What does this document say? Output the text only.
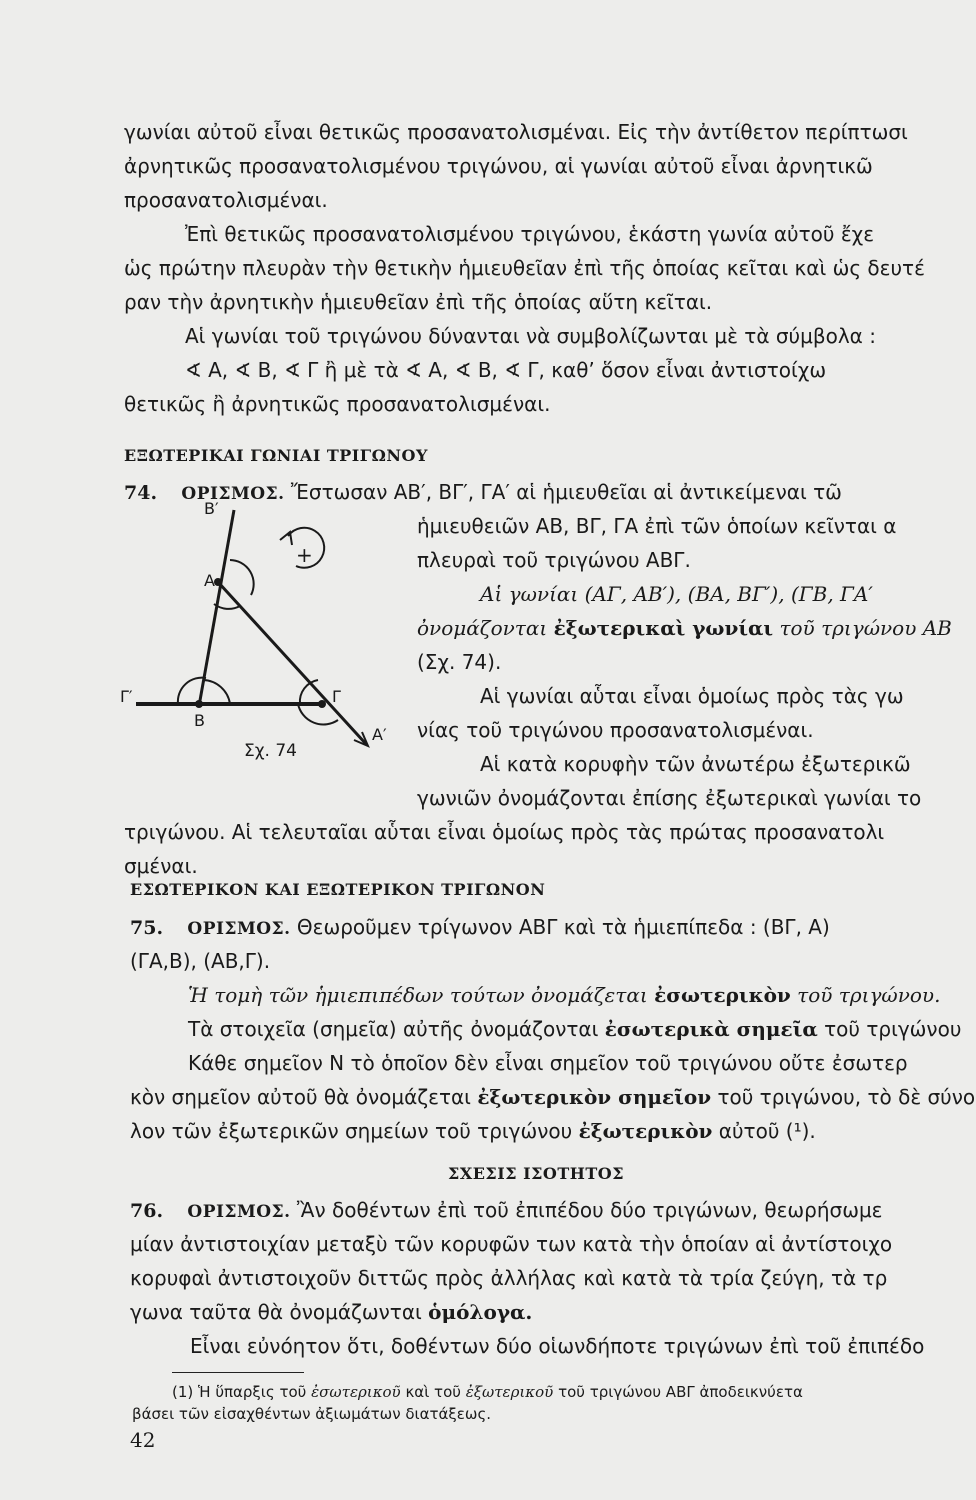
γωνίαι αὐτοῦ εἶναι θετικῶς προσανατολισμέναι. Εἰς τὴν ἀντίθετον περίπτωσι
ἀρνητικῶς προσανατολισμένου τριγώνου, αἱ γωνίαι αὐτοῦ εἶναι ἀρνητικῶ
προσανατολισμέναι.
Ἐπὶ θετικῶς προσανατολισμένου τριγώνου, ἑκάστη γωνία αὐτοῦ ἔχε
ὡς πρώτην πλευρὰν τὴν θετικὴν ἡμιευθεῖαν ἐπὶ τῆς ὁποίας κεῖται καὶ ὡς δευτέ
ραν τὴν ἀρνητικὴν ἡμιευθεῖαν ἐπὶ τῆς ὁποίας αὕτη κεῖται.
Αἱ γωνίαι τοῦ τριγώνου δύνανται νὰ συμβολίζωνται μὲ τὰ σύμβολα :
∢ Α, ∢ Β, ∢ Γ ἢ μὲ τὰ ∢ Α, ∢ Β, ∢ Γ, καθ’ ὅσον εἶναι ἀντιστοίχω
θετικῶς ἢ ἀρνητικῶς προσανατολισμέναι.
ΕΞΩΤΕΡΙΚΑΙ ΓΩΝΙΑΙ ΤΡΙΓΩΝΟΥ
74. ΟΡΙΣΜΟΣ. Ἔστωσαν ΑΒ′, ΒΓ′, ΓΑ′ αἱ ἡμιευθεῖαι αἱ ἀντικείμεναι τῶ
ἡμιευθειῶν ΑΒ, ΒΓ, ΓΑ ἐπὶ τῶν ὁποίων κεῖνται α
πλευραὶ τοῦ τριγώνου ΑΒΓ.
Αἱ γωνίαι (ΑΓ, ΑΒ′), (ΒΑ, ΒΓ′), (ΓΒ, ΓΑ′
ὀνομάζονται ἐξωτερικαὶ γωνίαι τοῦ τριγώνου ΑΒ
(Σχ. 74).
Αἱ γωνίαι αὗται εἶναι ὁμοίως πρὸς τὰς γω
νίας τοῦ τριγώνου προσανατολισμέναι.
Αἱ κατὰ κορυφὴν τῶν ἀνωτέρω ἐξωτερικῶ
γωνιῶν ὀνομάζονται ἐπίσης ἐξωτερικαὶ γωνίαι το
τριγώνου. Αἱ τελευταῖαι αὗται εἶναι ὁμοίως πρὸς τὰς πρώτας προσανατολι
σμέναι.
Β′
Α
Γ′
Β
Γ
Α′
+
Σχ. 74
ΕΣΩΤΕΡΙΚΟΝ ΚΑΙ ΕΞΩΤΕΡΙΚΟΝ ΤΡΙΓΩΝΟΝ
75. ΟΡΙΣΜΟΣ. Θεωροῦμεν τρίγωνον ΑΒΓ καὶ τὰ ἡμιεπίπεδα : (ΒΓ, Α)
(ΓΑ,Β), (ΑΒ,Γ).
Ἡ τομὴ τῶν ἡμιεπιπέδων τούτων ὀνομάζεται ἐσωτερικὸν τοῦ τριγώνου.
Τὰ στοιχεῖα (σημεῖα) αὐτῆς ὀνομάζονται ἐσωτερικὰ σημεῖα τοῦ τριγώνου
Κάθε σημεῖον Ν τὸ ὁποῖον δὲν εἶναι σημεῖον τοῦ τριγώνου οὔτε ἐσωτερ
κὸν σημεῖον αὐτοῦ θὰ ὀνομάζεται ἐξωτερικὸν σημεῖον τοῦ τριγώνου, τὸ δὲ σύνο
λον τῶν ἐξωτερικῶν σημείων τοῦ τριγώνου ἐξωτερικὸν αὐτοῦ (¹).
ΣΧΕΣΙΣ ΙΣΟΤΗΤΟΣ
76. ΟΡΙΣΜΟΣ. Ἂν δοθέντων ἐπὶ τοῦ ἐπιπέδου δύο τριγώνων, θεωρήσωμε
μίαν ἀντιστοιχίαν μεταξὺ τῶν κορυφῶν των κατὰ τὴν ὁποίαν αἱ ἀντίστοιχο
κορυφαὶ ἀντιστοιχοῦν διττῶς πρὸς ἀλλήλας καὶ κατὰ τὰ τρία ζεύγη, τὰ τρ
γωνα ταῦτα θὰ ὀνομάζωνται ὁμόλογα.
Εἶναι εὐνόητον ὅτι, δοθέντων δύο οἱωνδήποτε τριγώνων ἐπὶ τοῦ ἐπιπέδο
(1) Ἡ ὕπαρξις τοῦ ἐσωτερικοῦ καὶ τοῦ ἐξωτερικοῦ τοῦ τριγώνου ΑΒΓ ἀποδεικνύετα
βάσει τῶν εἰσαχθέντων ἀξιωμάτων διατάξεως.
42
